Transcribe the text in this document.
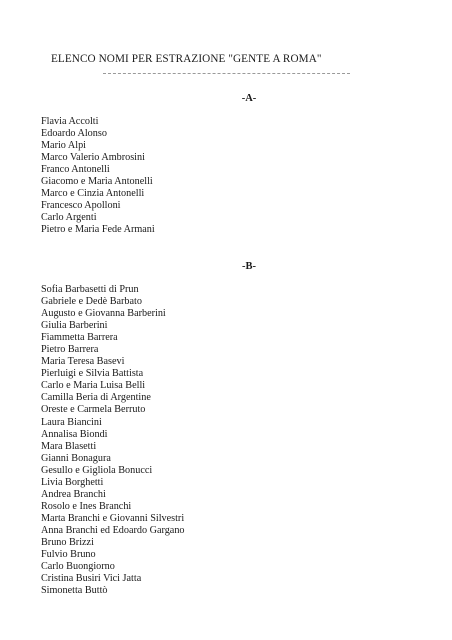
ELENCO NOMI PER ESTRAZIONE "GENTE A ROMA"
-A-
Flavia Accolti
Edoardo Alonso
Mario Alpi
Marco Valerio Ambrosini
Franco Antonelli
Giacomo e Maria Antonelli
Marco e Cinzia Antonelli
Francesco Apolloni
Carlo Argenti
Pietro e Maria Fede Armani
-B-
Sofia Barbasetti di Prun
Gabriele e Dedè Barbato
Augusto e Giovanna Barberini
Giulia Barberini
Fiammetta Barrera
Pietro Barrera
Maria Teresa Basevi
Pierluigi e Silvia Battista
Carlo e Maria Luisa Belli
Camilla Beria di Argentine
Oreste e Carmela Berruto
Laura Biancini
Annalisa Biondi
Mara Blasetti
Gianni Bonagura
Gesullo e Gigliola Bonucci
Livia Borghetti
Andrea Branchi
Rosolo e Ines Branchi
Marta Branchi e Giovanni Silvestri
Anna Branchi ed Edoardo Gargano
Bruno Brizzi
Fulvio Bruno
Carlo Buongiorno
Cristina Busiri Vici Jatta
Simonetta Buttò
